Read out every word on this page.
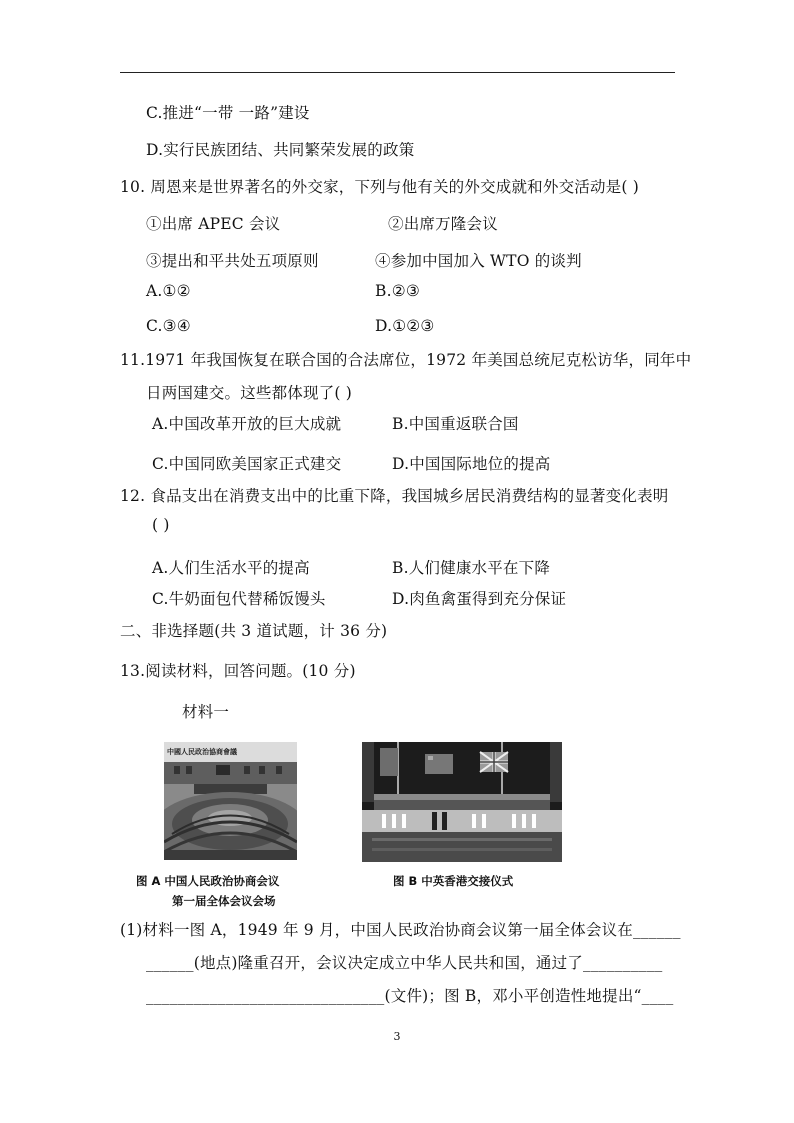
C.推进“一带 一路”建设
D.实行民族团结、共同繁荣发展的政策
10. 周恩来是世界著名的外交家，下列与他有关的外交成就和外交活动是( )
①出席 APEC 会议	②出席万隆会议
③提出和平共处五项原则	④参加中国加入 WTO 的谈判
A.①②	B.②③
C.③④	D.①②③
11.1971 年我国恢复在联合国的合法席位，1972 年美国总统尼克松访华，同年中
日两国建交。这些都体现了( )
A.中国改革开放的巨大成就	B.中国重返联合国
C.中国同欧美国家正式建交	D.中国国际地位的提高
12. 食品支出在消费支出中的比重下降，我国城乡居民消费结构的显著变化表明
( )
A.人们生活水平的提高	B.人们健康水平在下降
C.牛奶面包代替稀饭馒头	D.肉鱼禽蛋得到充分保证
二、非选择题(共 3 道试题，计 36 分)
13.阅读材料，回答问题。(10 分)
材料一
中國人民政治協商會議
图 A 中国人民政治协商会议
第一届全体会议会场
图 B 中英香港交接仪式
(1)材料一图 A，1949 年 9 月，中国人民政治协商会议第一届全体会议在______
______(地点)隆重召开，会议决定成立中华人民共和国，通过了__________
______________________________(文件)；图 B，邓小平创造性地提出“____
3
